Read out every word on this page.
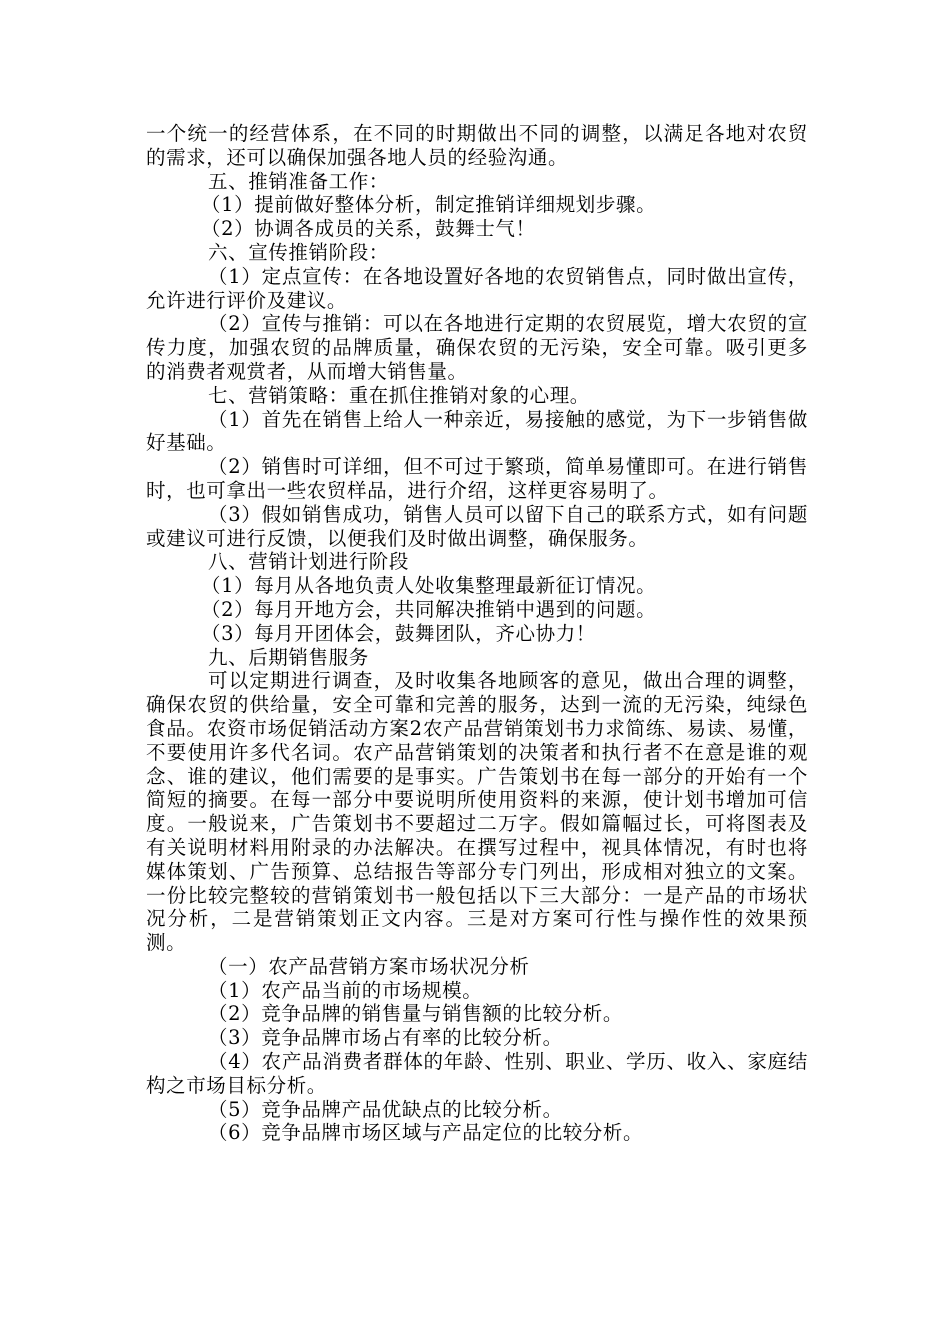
一个统一的经营体系，在不同的时期做出不同的调整，以满足各地对农贸的需求，还可以确保加强各地人员的经验沟通。

五、推销准备工作：

（1）提前做好整体分析，制定推销详细规划步骤。

（2）协调各成员的关系，鼓舞士气！

六、宣传推销阶段：

（1）定点宣传：在各地设置好各地的农贸销售点，同时做出宣传，允许进行评价及建议。

（2）宣传与推销：可以在各地进行定期的农贸展览，增大农贸的宣传力度，加强农贸的品牌质量，确保农贸的无污染，安全可靠。吸引更多的消费者观赏者，从而增大销售量。

七、营销策略：重在抓住推销对象的心理。

（1）首先在销售上给人一种亲近，易接触的感觉，为下一步销售做好基础。

（2）销售时可详细，但不可过于繁琐，简单易懂即可。在进行销售时，也可拿出一些农贸样品，进行介绍，这样更容易明了。

（3）假如销售成功，销售人员可以留下自己的联系方式，如有问题或建议可进行反馈，以便我们及时做出调整，确保服务。

八、营销计划进行阶段

（1）每月从各地负责人处收集整理最新征订情况。

（2）每月开地方会，共同解决推销中遇到的问题。

（3）每月开团体会，鼓舞团队，齐心协力！

九、后期销售服务

可以定期进行调查，及时收集各地顾客的意见，做出合理的调整，确保农贸的供给量，安全可靠和完善的服务，达到一流的无污染，纯绿色食品。农资市场促销活动方案2农产品营销策划书力求简练、易读、易懂，不要使用许多代名词。农产品营销策划的决策者和执行者不在意是谁的观念、谁的建议，他们需要的是事实。广告策划书在每一部分的开始有一个简短的摘要。在每一部分中要说明所使用资料的来源，使计划书增加可信度。一般说来，广告策划书不要超过二万字。假如篇幅过长，可将图表及有关说明材料用附录的办法解决。在撰写过程中，视具体情况，有时也将媒体策划、广告预算、总结报告等部分专门列出，形成相对独立的文案。一份比较完整较的营销策划书一般包括以下三大部分：一是产品的市场状况分析，二是营销策划正文内容。三是对方案可行性与操作性的效果预测。

（一）农产品营销方案市场状况分析

（1）农产品当前的市场规模。

（2）竞争品牌的销售量与销售额的比较分析。

（3）竞争品牌市场占有率的比较分析。

（4）农产品消费者群体的年龄、性别、职业、学历、收入、家庭结构之市场目标分析。

（5）竞争品牌产品优缺点的比较分析。

（6）竞争品牌市场区域与产品定位的比较分析。
